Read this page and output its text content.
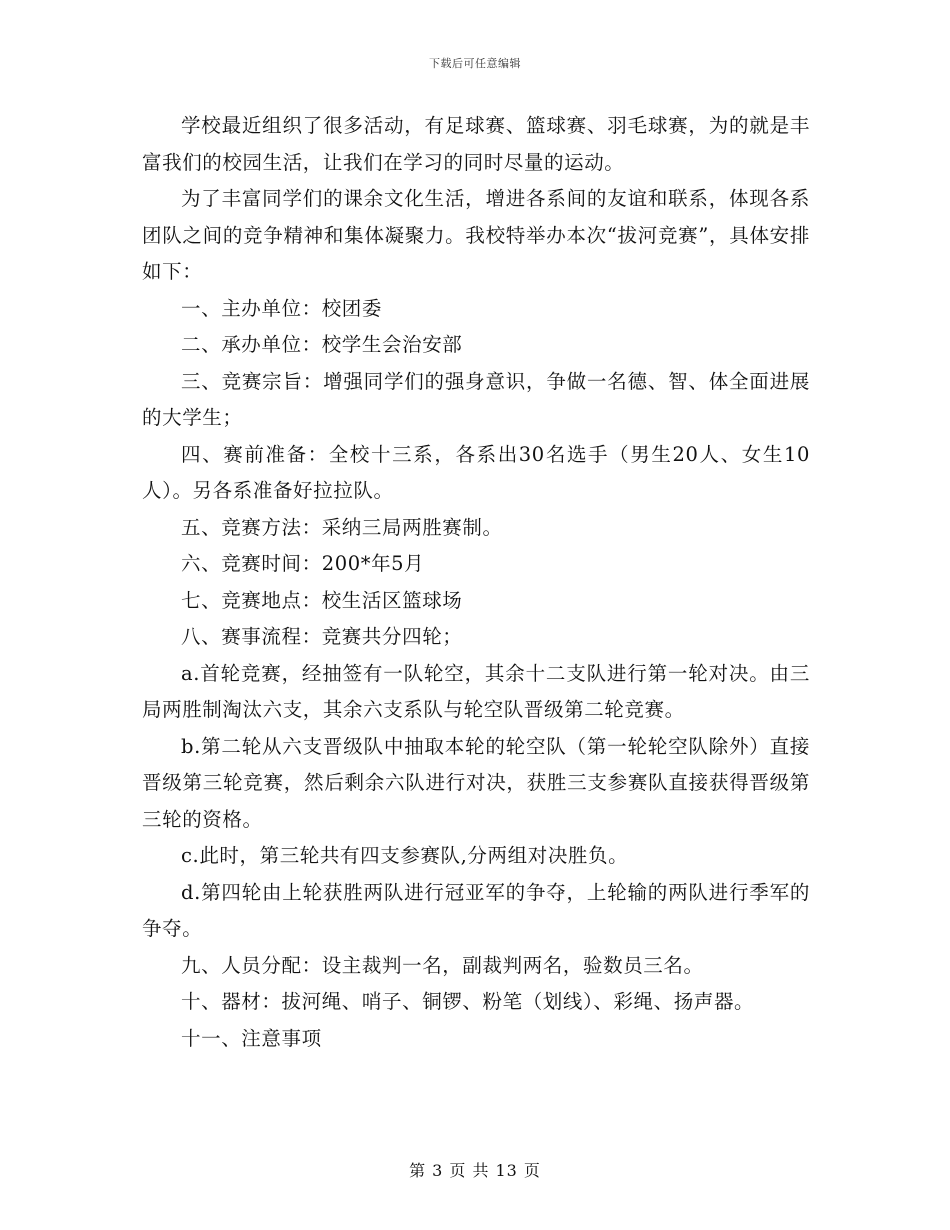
下载后可任意编辑

学校最近组织了很多活动，有足球赛、篮球赛、羽毛球赛，为的就是丰富我们的校园生活，让我们在学习的同时尽量的运动。

为了丰富同学们的课余文化生活，增进各系间的友谊和联系，体现各系团队之间的竞争精神和集体凝聚力。我校特举办本次“拔河竞赛”，具体安排如下：

一、主办单位：校团委

二、承办单位：校学生会治安部

三、竞赛宗旨：增强同学们的强身意识，争做一名德、智、体全面进展的大学生；

四、赛前准备：全校十三系，各系出30名选手（男生20人、女生10人）。另各系准备好拉拉队。

五、竞赛方法：采纳三局两胜赛制。

六、竞赛时间：200*年5月

七、竞赛地点：校生活区篮球场

八、赛事流程：竞赛共分四轮；

a.首轮竞赛，经抽签有一队轮空，其余十二支队进行第一轮对决。由三局两胜制淘汰六支，其余六支系队与轮空队晋级第二轮竞赛。

b.第二轮从六支晋级队中抽取本轮的轮空队（第一轮轮空队除外）直接晋级第三轮竞赛，然后剩余六队进行对决，获胜三支参赛队直接获得晋级第三轮的资格。

c.此时，第三轮共有四支参赛队,分两组对决胜负。

d.第四轮由上轮获胜两队进行冠亚军的争夺，上轮输的两队进行季军的争夺。

九、人员分配：设主裁判一名，副裁判两名，验数员三名。

十、器材：拔河绳、哨子、铜锣、粉笔（划线）、彩绳、扬声器。

十一、注意事项

第 3 页 共 13 页
